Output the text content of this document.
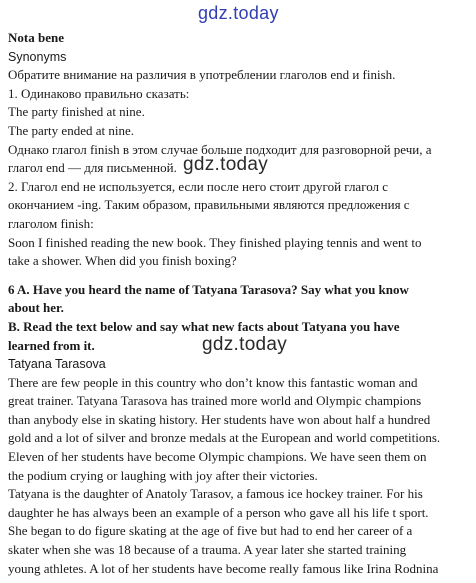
gdz.today
gdz.today
gdz.today
Nota bene
Synonyms
Обратите внимание на различия в употреблении глаголов end и finish.
1. Одинаково правильно сказать:
The party finished at nine.
The party ended at nine.
Однако глагол finish в этом случае больше подходит для разговорной речи, а
глагол end — для письменной.
2. Глагол end не используется, если после него стоит другой глагол с
окончанием -ing. Таким образом, правильными являются предложения с
глаголом finish:
Soon I finished reading the new book. They finished playing tennis and went to
take a shower. When did you finish boxing?
6 A. Have you heard the name of Tatyana Tarasova? Say what you know
about her.
B. Read the text below and say what new facts about Tatyana you have
learned from it.
Tatyana Tarasova
There are few people in this country who don’t know this fantastic woman and
great trainer. Tatyana Tarasova has trained more world and Olympic champions
than anybody else in skating history. Her students have won about half a hundred
gold and a lot of silver and bronze medals at the European and world competitions.
Eleven of her students have become Olympic champions. We have seen them on
the podium crying or laughing with joy after their victories.
Tatyana is the daughter of Anatoly Tarasov, a famous ice hockey trainer. For his
daughter he has always been an example of a person who gave all his life t sport.
She began to do figure skating at the age of five but had to end her career of a
skater when she was 18 because of a trauma. A year later she started training
young athletes. A lot of her students have become really famous like Irina Rodnina
